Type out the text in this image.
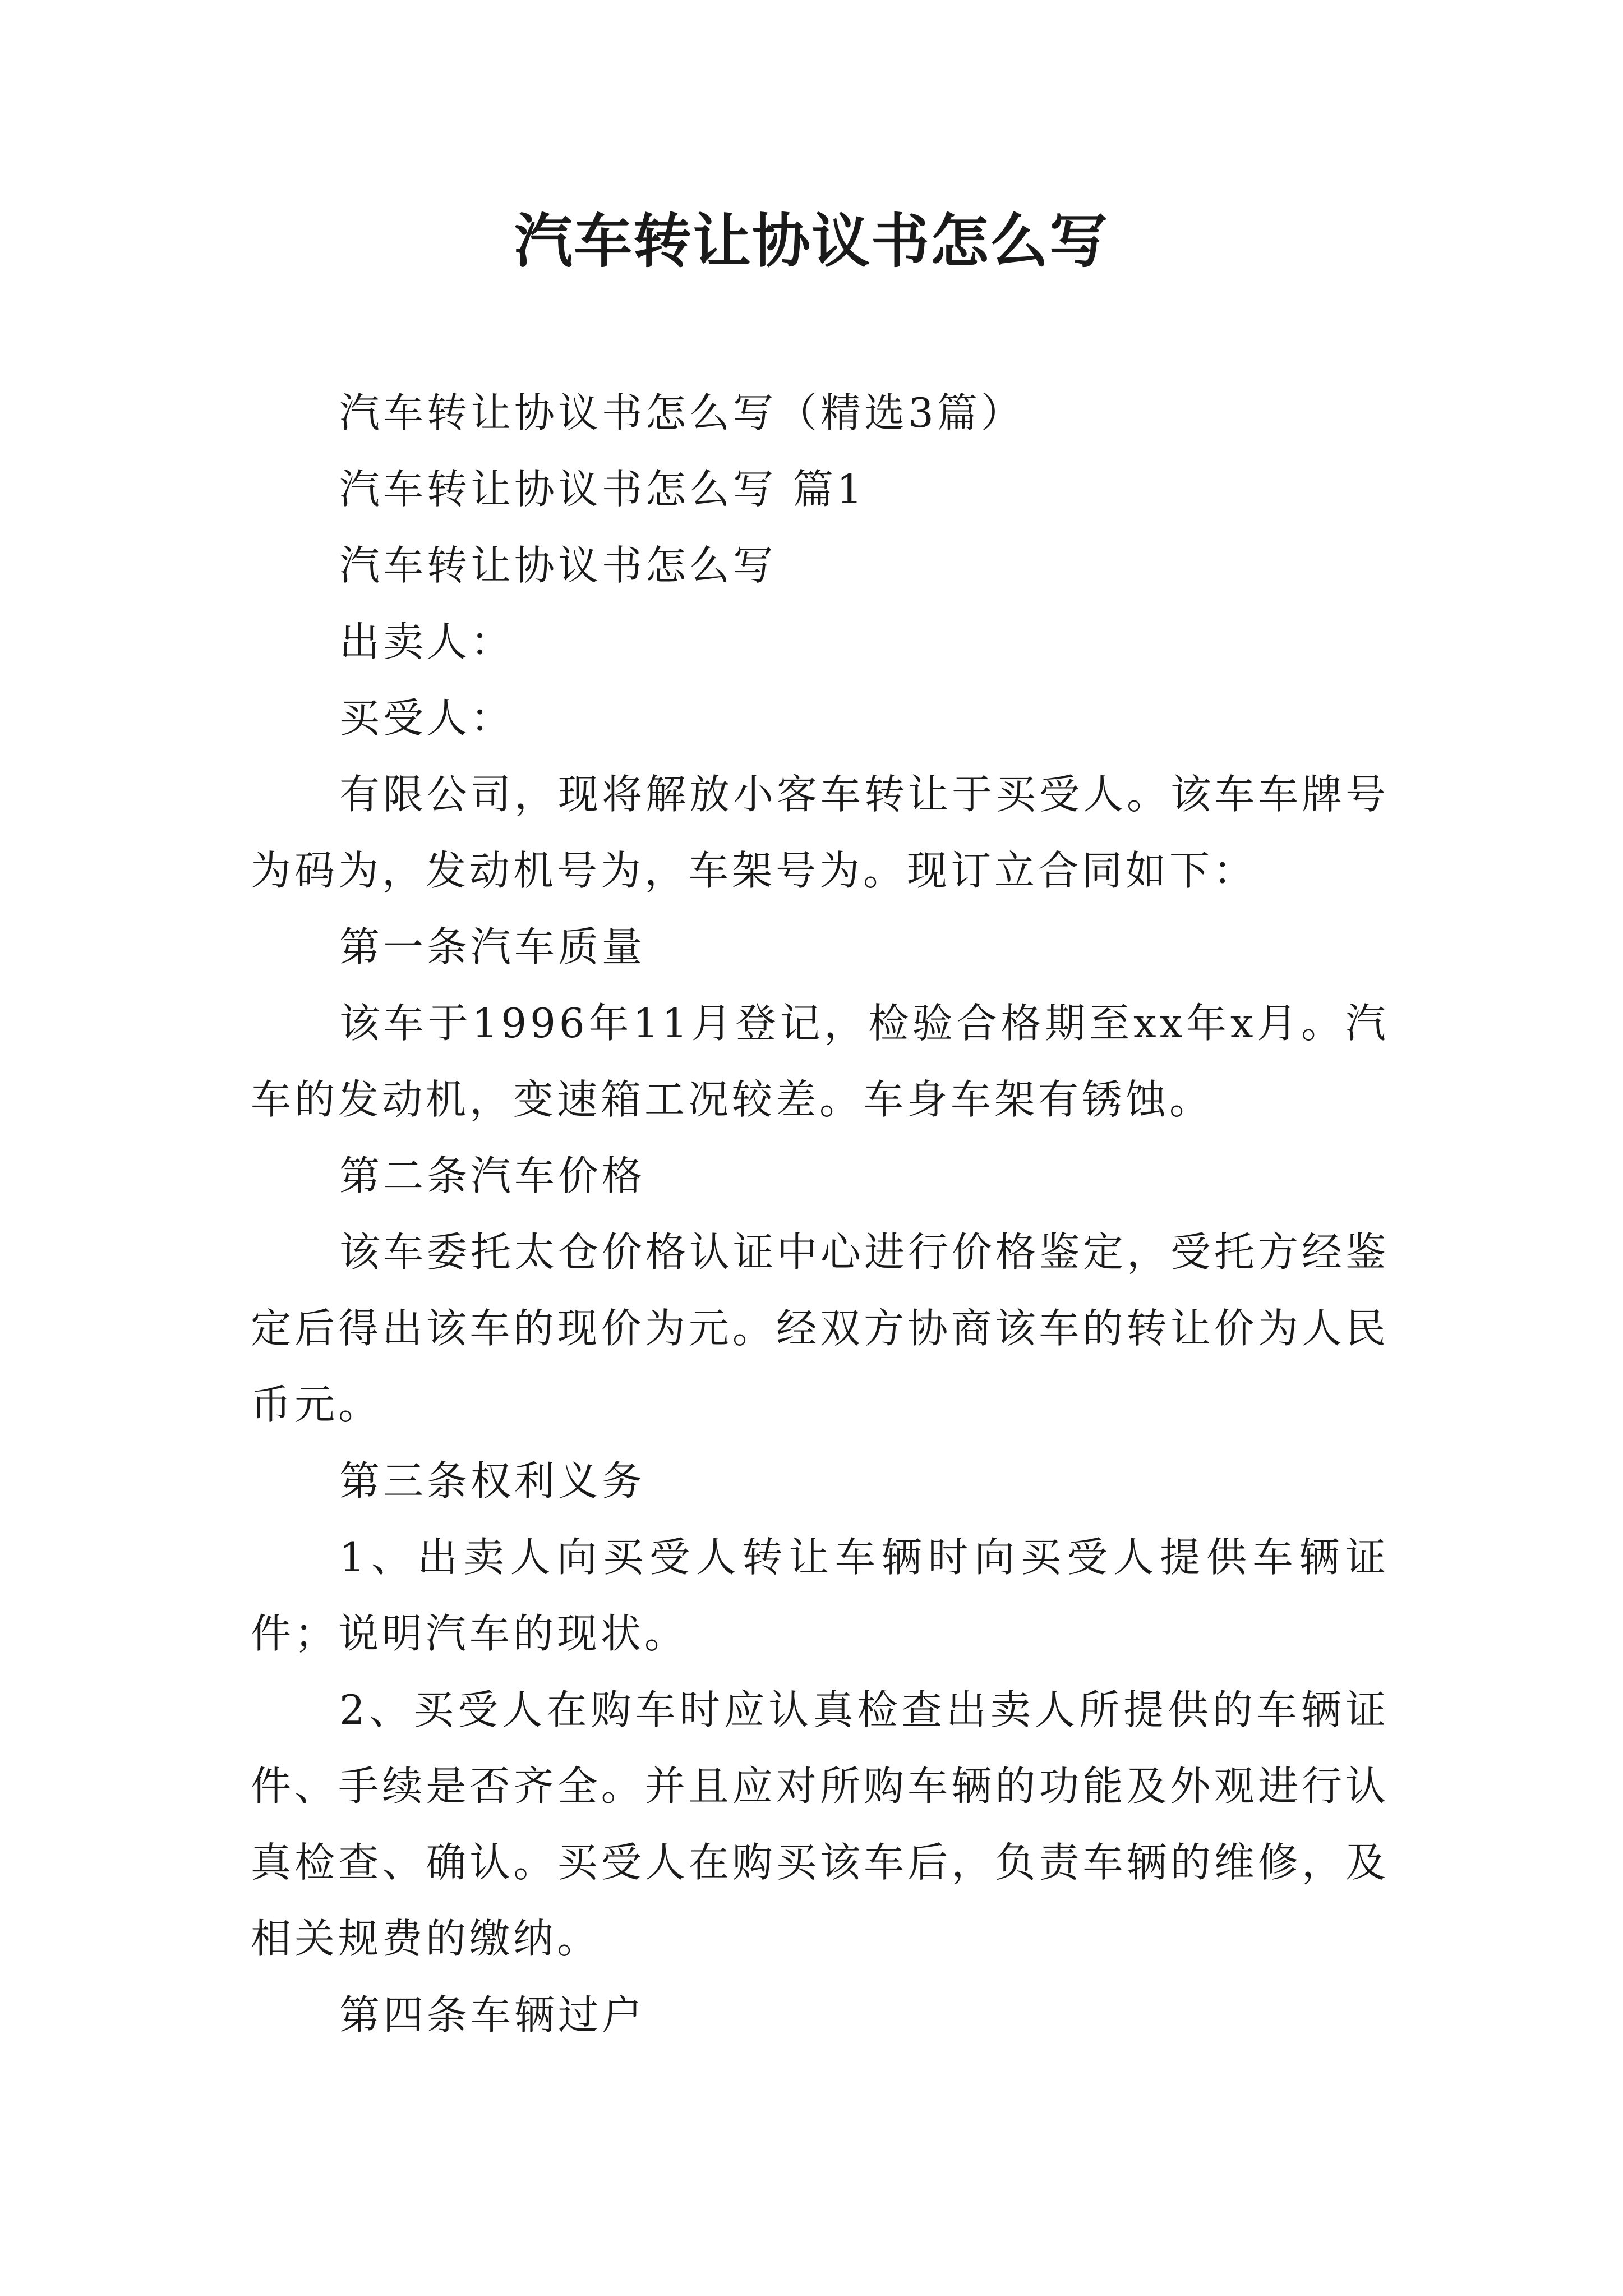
汽车转让协议书怎么写

汽车转让协议书怎么写（精选3篇）

汽车转让协议书怎么写 篇1

汽车转让协议书怎么写

出卖人：

买受人：

有限公司，现将解放小客车转让于买受人。该车车牌号为码为，发动机号为，车架号为。现订立合同如下：

第一条汽车质量

该车于1996年11月登记，检验合格期至xx年x月。汽车的发动机，变速箱工况较差。车身车架有锈蚀。

第二条汽车价格

该车委托太仓价格认证中心进行价格鉴定，受托方经鉴定后得出该车的现价为元。经双方协商该车的转让价为人民币元。

第三条权利义务

1、出卖人向买受人转让车辆时向买受人提供车辆证件；说明汽车的现状。

2、买受人在购车时应认真检查出卖人所提供的车辆证件、手续是否齐全。并且应对所购车辆的功能及外观进行认真检查、确认。买受人在购买该车后，负责车辆的维修，及相关规费的缴纳。

第四条车辆过户
